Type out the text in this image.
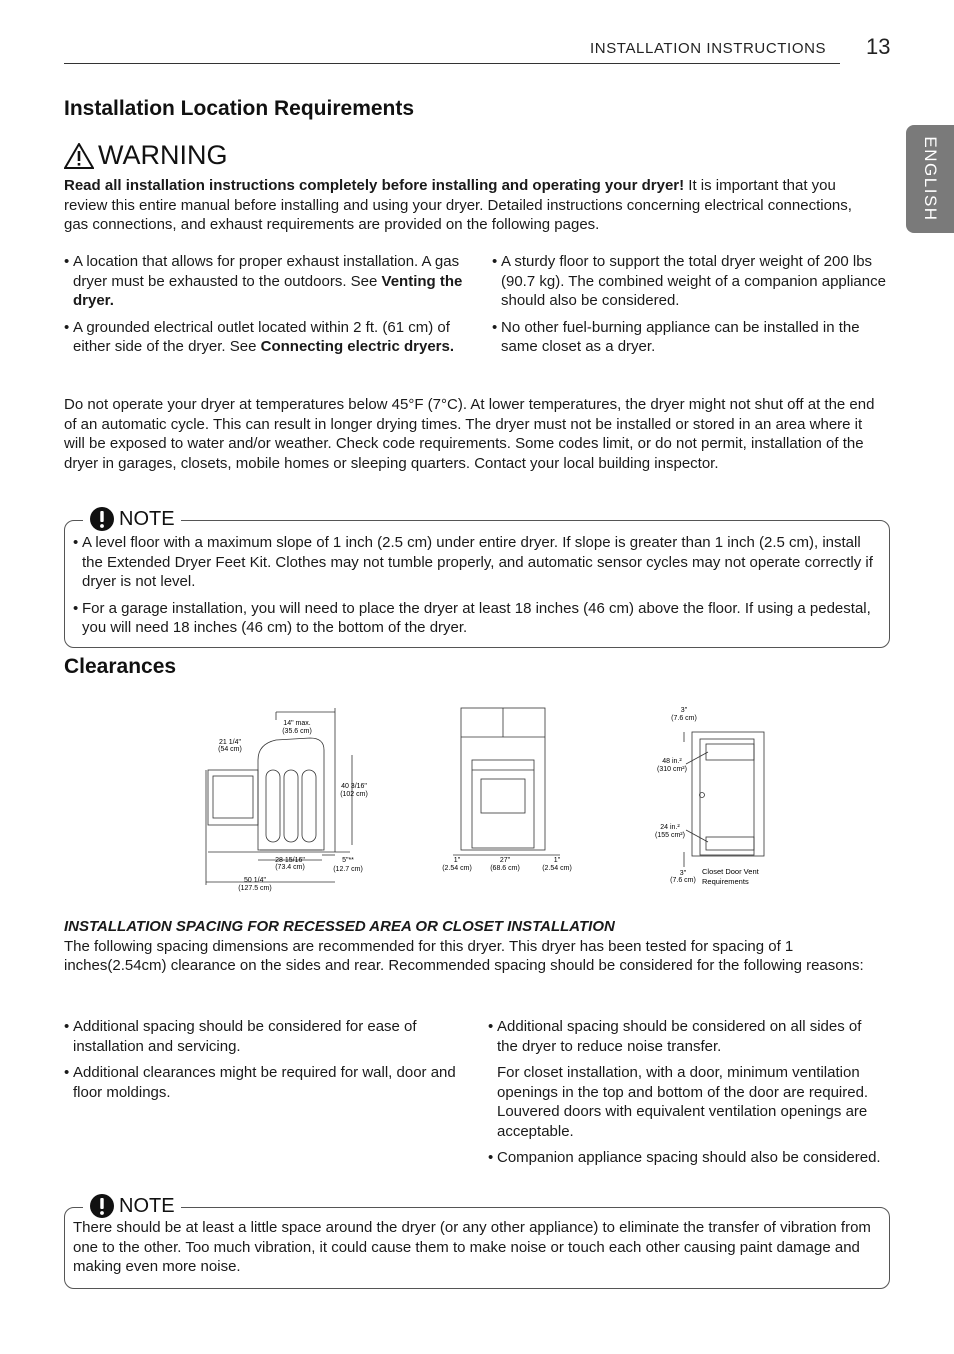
INSTALLATION INSTRUCTIONS 13
ENGLISH
Installation Location Requirements
WARNING
Read all installation instructions completely before installing and operating your dryer! It is important that you review this entire manual before installing and using your dryer. Detailed instructions concerning electrical connections, gas connections, and exhaust requirements are provided on the following pages.
• A location that allows for proper exhaust installation. A gas dryer must be exhausted to the outdoors. See Venting the dryer.
• A grounded electrical outlet located within 2 ft. (61 cm) of either side of the dryer. See Connecting electric dryers.
• A sturdy floor to support the total dryer weight of 200 lbs (90.7 kg). The combined weight of a companion appliance should also be considered.
• No other fuel-burning appliance can be installed in the same closet as a dryer.
Do not operate your dryer at temperatures below 45°F (7°C). At lower temperatures, the dryer might not shut off at the end of an automatic cycle. This can result in longer drying times. The dryer must not be installed or stored in an area where it will be exposed to water and/or weather. Check code requirements. Some codes limit, or do not permit, installation of the dryer in garages, closets, mobile homes or sleeping quarters. Contact your local building inspector.
NOTE
• A level floor with a maximum slope of 1 inch (2.5 cm) under entire dryer. If slope is greater than 1 inch (2.5 cm), install the Extended Dryer Feet Kit. Clothes may not tumble properly, and automatic sensor cycles may not operate correctly if dryer is not level.
• For a garage installation, you will need to place the dryer at least 18 inches (46 cm) above the floor. If using a pedestal, you will need 18 inches (46 cm) to the bottom of the dryer.
Clearances
14" max.
(35.6 cm)
21 1/4"
(54 cm)
40 3/16"
(102 cm)
28 15/16"
(73.4 cm)
5"**
(12.7 cm)
50 1/4"
(127.5 cm)
1"
(2.54 cm)
27"
(68.6 cm)
1"
(2.54 cm)
3"
(7.6 cm)
48 in.²
(310 cm²)
24 in.²
(155 cm²)
3"
(7.6 cm)
Closet Door Vent
Requirements
INSTALLATION SPACING FOR RECESSED AREA OR CLOSET INSTALLATION
The following spacing dimensions are recommended for this dryer. This dryer has been tested for spacing of 1 inches(2.54cm) clearance on the sides and rear. Recommended spacing should be considered for the following reasons:
• Additional spacing should be considered for ease of installation and servicing.
• Additional clearances might be required for wall, door and floor moldings.
• Additional spacing should be considered on all sides of the dryer to reduce noise transfer.
For closet installation, with a door, minimum ventilation openings in the top and bottom of the door are required. Louvered doors with equivalent ventilation openings are acceptable.
• Companion appliance spacing should also be considered.
NOTE
There should be at least a little space around the dryer (or any other appliance) to eliminate the transfer of vibration from one to the other. Too much vibration, it could cause them to make noise or touch each other causing paint damage and making even more noise.
